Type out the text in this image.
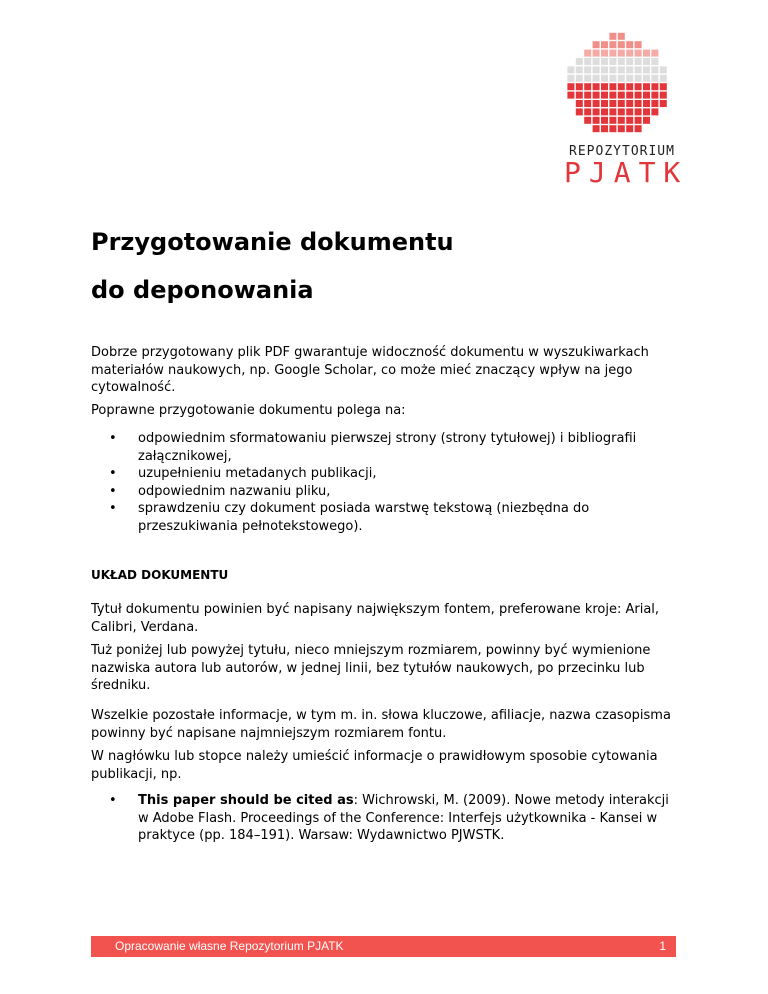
REPOZYTORIUM
PJATK
Przygotowanie dokumentu
do deponowania

Dobrze przygotowany plik PDF gwarantuje widoczność dokumentu w wyszukiwarkach materiałów naukowych, np. Google Scholar, co może mieć znaczący wpływ na jego cytowalność.

Poprawne przygotowanie dokumentu polega na:

• odpowiednim sformatowaniu pierwszej strony (strony tytułowej) i bibliografii załącznikowej,
• uzupełnieniu metadanych publikacji,
• odpowiednim nazwaniu pliku,
• sprawdzeniu czy dokument posiada warstwę tekstową (niezbędna do przeszukiwania pełnotekstowego).

UKŁAD DOKUMENTU

Tytuł dokumentu powinien być napisany największym fontem, preferowane kroje: Arial, Calibri, Verdana.

Tuż poniżej lub powyżej tytułu, nieco mniejszym rozmiarem, powinny być wymienione nazwiska autora lub autorów, w jednej linii, bez tytułów naukowych, po przecinku lub średniku.

Wszelkie pozostałe informacje, w tym m. in. słowa kluczowe, afiliacje, nazwa czasopisma powinny być napisane najmniejszym rozmiarem fontu.

W nagłówku lub stopce należy umieścić informacje o prawidłowym sposobie cytowania publikacji, np.

• This paper should be cited as: Wichrowski, M. (2009). Nowe metody interakcji w Adobe Flash. Proceedings of the Conference: Interfejs użytkownika - Kansei w praktyce (pp. 184–191). Warsaw: Wydawnictwo PJWSTK.
Opracowanie własne Repozytorium PJATK	1
